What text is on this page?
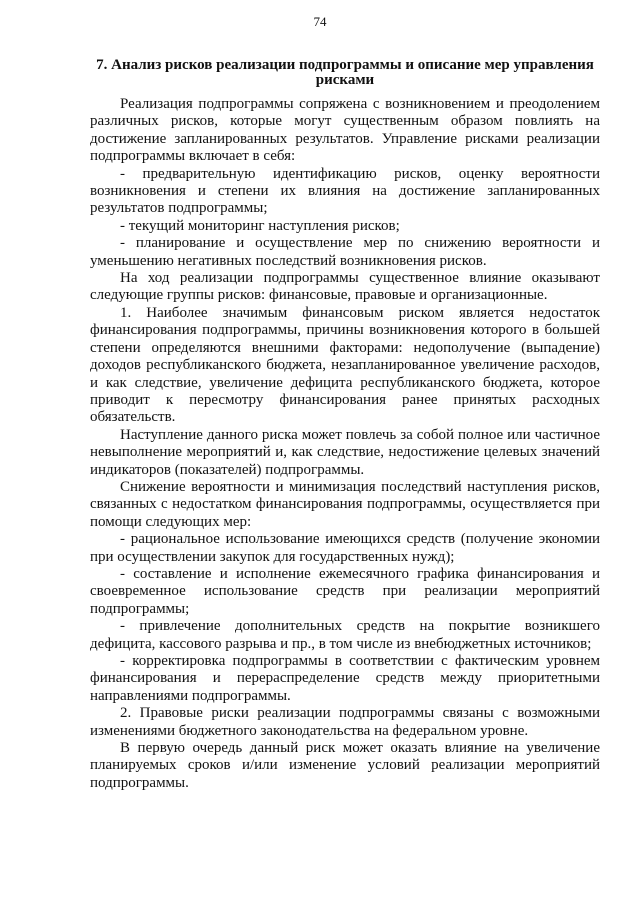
74
7. Анализ рисков реализации подпрограммы и описание мер управления рисками

Реализация подпрограммы сопряжена с возникновением и преодолением различных рисков, которые могут существенным образом повлиять на достижение запланированных результатов. Управление рисками реализации подпрограммы включает в себя:

- предварительную идентификацию рисков, оценку вероятности возникновения и степени их влияния на достижение запланированных результатов подпрограммы;

- текущий мониторинг наступления рисков;

- планирование и осуществление мер по снижению вероятности и уменьшению негативных последствий возникновения рисков.

На ход реализации подпрограммы существенное влияние оказывают следующие группы рисков: финансовые, правовые и организационные.

1. Наиболее значимым финансовым риском является недостаток финансирования подпрограммы, причины возникновения которого в большей степени определяются внешними факторами: недополучение (выпадение) доходов республиканского бюджета, незапланированное увеличение расходов, и как следствие, увеличение дефицита республиканского бюджета, которое приводит к пересмотру финансирования ранее принятых расходных обязательств.

Наступление данного риска может повлечь за собой полное или частичное невыполнение мероприятий и, как следствие, недостижение целевых значений индикаторов (показателей) подпрограммы.

Снижение вероятности и минимизация последствий наступления рисков, связанных с недостатком финансирования подпрограммы, осуществляется при помощи следующих мер:

- рациональное использование имеющихся средств (получение экономии при осуществлении закупок для государственных нужд);

- составление и исполнение ежемесячного графика финансирования и своевременное использование средств при реализации мероприятий подпрограммы;

- привлечение дополнительных средств на покрытие возникшего дефицита, кассового разрыва и пр., в том числе из внебюджетных источников;

- корректировка подпрограммы в соответствии с фактическим уровнем финансирования и перераспределение средств между приоритетными направлениями подпрограммы.

2. Правовые риски реализации подпрограммы связаны с возможными изменениями бюджетного законодательства на федеральном уровне.

В первую очередь данный риск может оказать влияние на увеличение планируемых сроков и/или изменение условий реализации мероприятий подпрограммы.
